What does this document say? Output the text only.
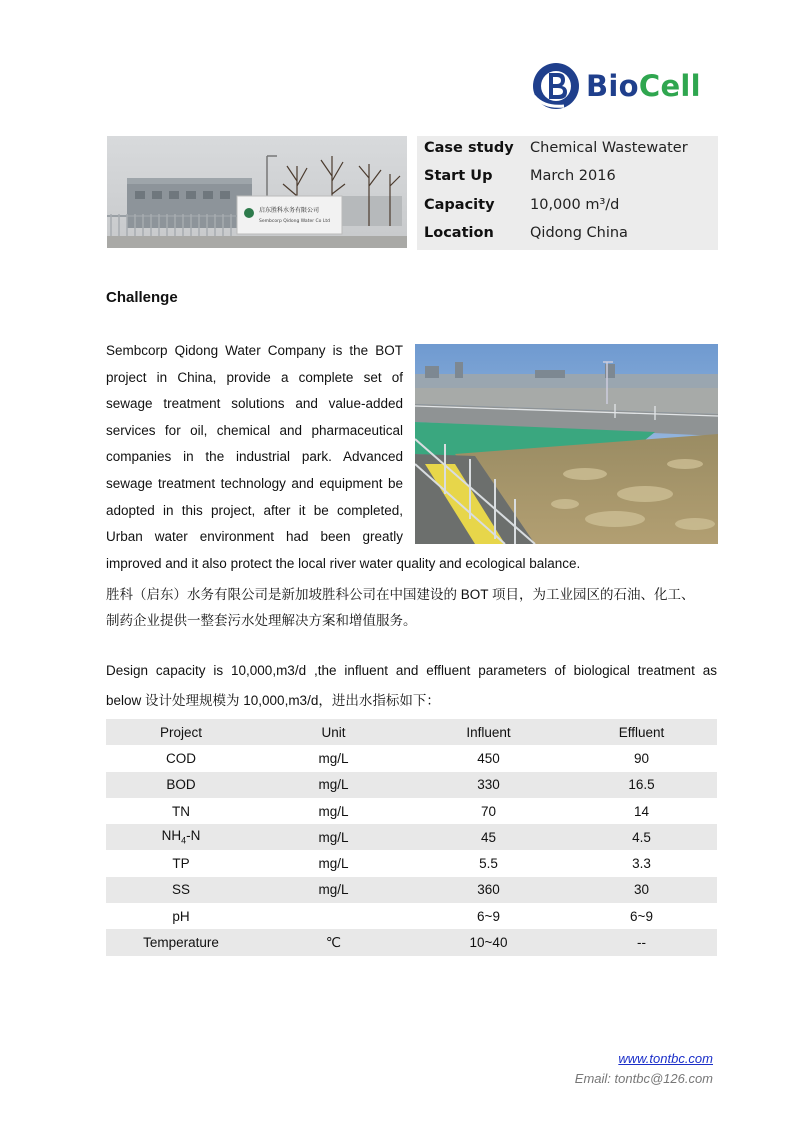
BioCell
启东胜科水务有限公司
Sembcorp Qidong Water Co Ltd
Case study Chemical Wastewater
Start Up	March 2016
Capacity 10,000 m³/d
Location Qidong China
Challenge

Sembcorp Qidong Water Company is the BOT

project in China, provide a complete set of

sewage treatment solutions and value-added

services for oil, chemical and pharmaceutical

companies in the industrial park. Advanced

sewage treatment technology and equipment be

adopted in this project, after it be completed,

Urban water environment had been greatly

improved and it also protect the local river water quality and ecological balance.
胜科（启东）水务有限公司是新加坡胜科公司在中国建设的 BOT 项目，为工业园区的石油、化工、
制药企业提供一整套污水处理解决方案和增值服务。
Design capacity is 10,000,m3/d ,the influent and effluent parameters of biological treatment as
below 设计处理规模为 10,000,m3/d，进出水指标如下：
Project	Unit	Influent	Effluent
COD	mg/L	450	90
BOD	mg/L	330	16.5
TN	mg/L	70	14
$NH_4-N$	mg/L	45	4.5
TP	mg/L	5.5	3.3
SS	mg/L	360	30
pH		6~9	6~9
Temperature	℃	10~40	--
www.tontbc.com
Email: tontbc@126.com
